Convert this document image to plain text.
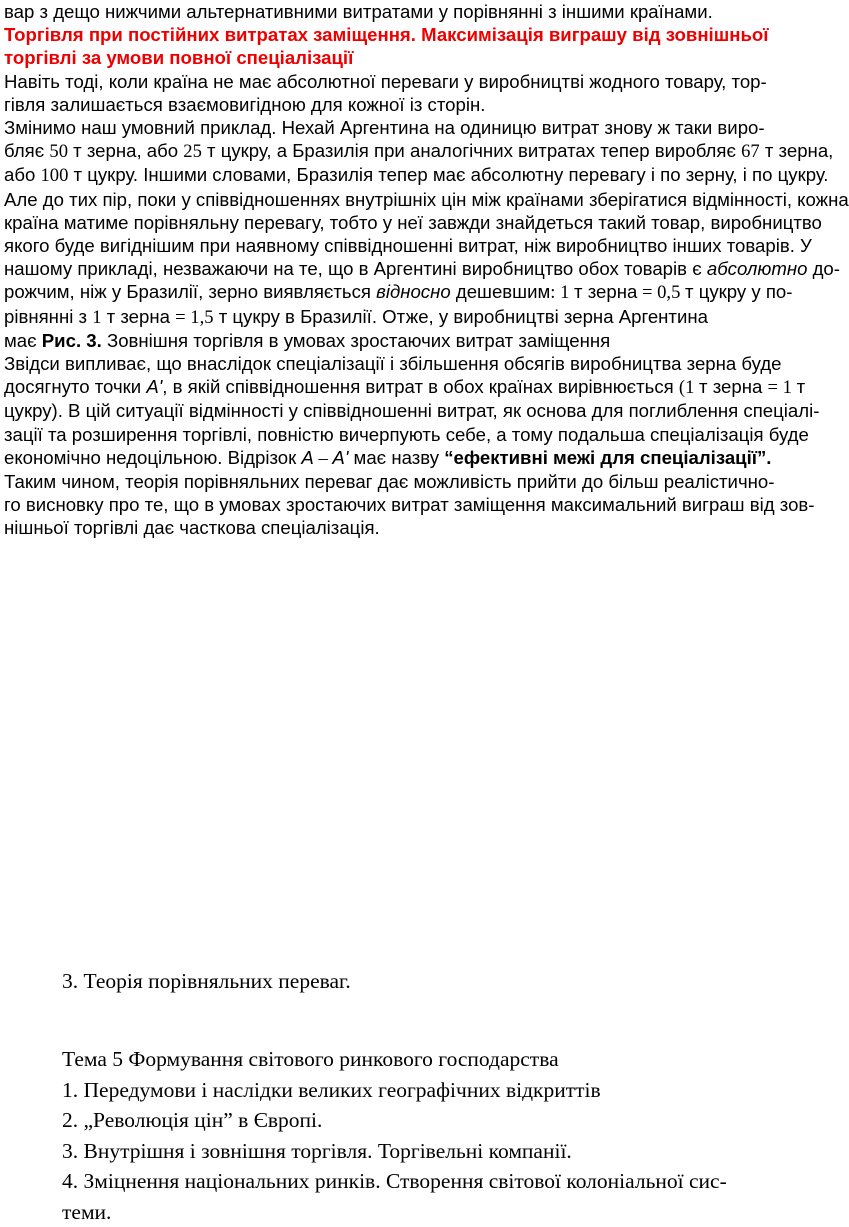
вар з дещо нижчими альтернативними витратами у порівнянні з іншими країнами.
Торгівля при постійних витратах заміщення. Максимізація виграшу від зовнішньої
торгівлі за умови повної спеціалізації
Навіть тоді, коли країна не має абсолютної переваги у виробництві жодного товару, тор-
гівля залишається взаємовигідною для кожної із сторін.
Змінимо наш умовний приклад. Нехай Аргентина на одиницю витрат знову ж таки виро-
бляє 50 т зерна, або 25 т цукру, а Бразилія при аналогічних витратах тепер виробляє 67 т зерна,
або 100 т цукру. Іншими словами, Бразилія тепер має абсолютну перевагу і по зерну, і по цукру.
Але до тих пір, поки у співвідношеннях внутрішніх цін між країнами зберігатися відмінності, кожна
країна матиме порівняльну перевагу, тобто у неї завжди знайдеться такий товар, виробництво
якого буде вигіднішим при наявному співвідношенні витрат, ніж виробництво інших товарів. У
нашому прикладі, незважаючи на те, що в Аргентині виробництво обох товарів є абсолютно до-
рожчим, ніж у Бразилії, зерно виявляється відносно дешевшим: 1 т зерна = 0,5 т цукру у по-
рівнянні з 1 т зерна = 1,5 т цукру в Бразилії. Отже, у виробництві зерна Аргентина
має Рис. 3. Зовнішня торгівля в умовах зростаючих витрат заміщення
Звідси випливає, що внаслідок спеціалізації і збільшення обсягів виробництва зерна буде
досягнуто точки А', в якій співвідношення витрат в обох країнах вирівнюється (1 т зерна = 1 т
цукру). В цій ситуації відмінності у співвідношенні витрат, як основа для поглиблення спеціалі-
зації та розширення торгівлі, повністю вичерпують себе, а тому подальша спеціалізація буде
економічно недоцільною. Відрізок А – А' має назву “ефективні межі для спеціалізації”.
Таким чином, теорія порівняльних переваг дає можливість прийти до більш реалістично-
го висновку про те, що в умовах зростаючих витрат заміщення максимальний виграш від зов-
нішньої торгівлі дає часткова спеціалізація.
3. Теорія порівняльних переваг.
Тема 5 Формування світового ринкового господарства
1. Передумови і наслідки великих географічних відкриттів
2. „Революція цін” в Європі.
3. Внутрішня і зовнішня торгівля. Торгівельні компанії.
4. Зміцнення національних ринків. Створення світової колоніальної сис-
теми.
